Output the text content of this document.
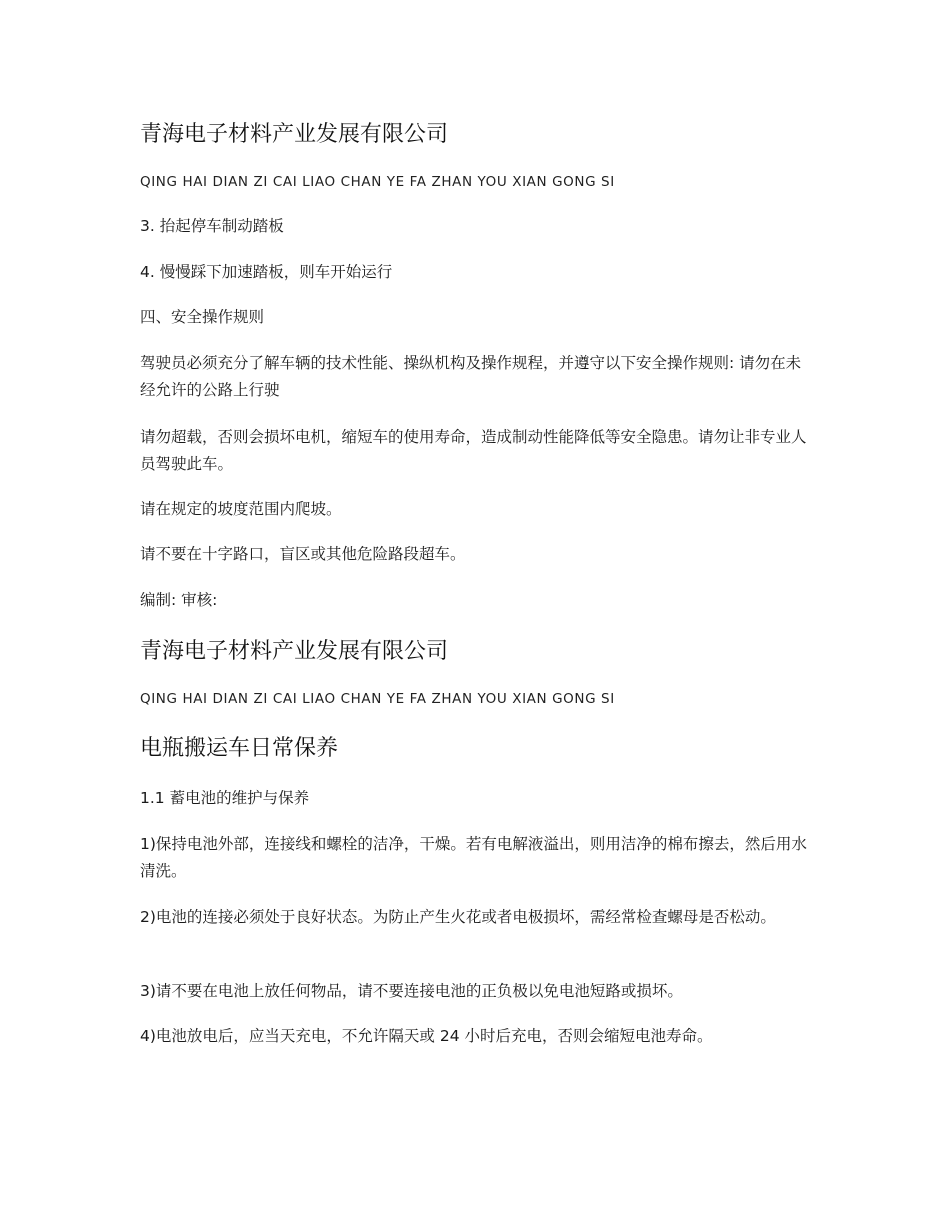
青海电子材料产业发展有限公司
QING HAI DIAN ZI CAI LIAO CHAN YE FA ZHAN YOU XIAN GONG SI
3. 抬起停车制动踏板
4. 慢慢踩下加速踏板，则车开始运行
四、安全操作规则
驾驶员必须充分了解车辆的技术性能、操纵机构及操作规程，并遵守以下安全操作规则: 请勿在未经允许的公路上行驶
请勿超载，否则会损坏电机，缩短车的使用寿命，造成制动性能降低等安全隐患。请勿让非专业人员驾驶此车。
请在规定的坡度范围内爬坡。
请不要在十字路口，盲区或其他危险路段超车。
编制: 审核:
青海电子材料产业发展有限公司
QING HAI DIAN ZI CAI LIAO CHAN YE FA ZHAN YOU XIAN GONG SI
电瓶搬运车日常保养
1.1 蓄电池的维护与保养
1)保持电池外部，连接线和螺栓的洁净，干燥。若有电解液溢出，则用洁净的棉布擦去，然后用水清洗。
2)电池的连接必须处于良好状态。为防止产生火花或者电极损坏，需经常检查螺母是否松动。
3)请不要在电池上放任何物品，请不要连接电池的正负极以免电池短路或损坏。
4)电池放电后，应当天充电，不允许隔天或 24 小时后充电，否则会缩短电池寿命。
